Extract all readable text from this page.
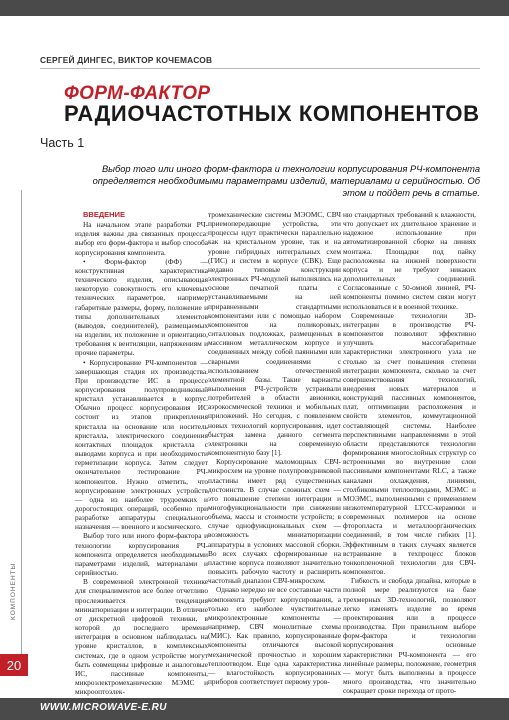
СЕРГЕЙ ДИНГЕС, ВИКТОР КОЧЕМАСОВ
ФОРМ-ФАКТОР
РАДИОЧАСТОТНЫХ КОМПОНЕНТОВ
Часть 1
Выбор того или иного форм-фактора и технологии корпусирования РЧ-компонента определяется необходимыми параметрами изделий, материалами и серийностью. Об этом и пойдет речь в статье.
КОМПОНЕНТЫ
20
ВВЕДЕНИЕ

На начальном этапе разработки РЧ-изделия важны два связанных процесса: выбор его форм-фактора и выбор способа корпусирования компонента.

• Форм-фактор (ФФ) — конструктивная характеристика технического изделия, описывающая некоторую совокупность его ключевых технических параметров, например габаритные размеры, форму, положение и типы дополнительных элементов (выводов, соединителей), размещаемых на изделии, их положение и ориентацию, требования к вентиляции, напряжениям и прочие параметры.

• Корпусирование РЧ-компонентов — завершающая стадия их производства. При производстве ИС в процессе корпусирования полупроводниковый кристалл устанавливается в корпус. Обычно процесс корпусирования ИС состоит из этапов прикрепления кристалла на основание или носитель кристалла, электрического соединения контактных площадок кристалла с выводами корпуса и при необходимости герметизации корпуса. Затем следует окончательное тестирование РЧ-компонентов. Нужно отметить, что корпусирование электронных устройств — одна из наиболее трудоемких и дорогостоящих операций, особенно при разработке аппаратуры специального назначения — военного и космического.

Выбор того или иного форм-фактора и технологии корпусирования РЧ-компонента определяется необходимыми параметрами изделий, материалами и серийностью.

В современной электронной технике для специалиментов все более отчетливо прослеживается тенденция миниатюризации и интеграции. В отличие от дискретной цифровой техники, в которой до последнего времени интеграция в основном наблюдалась на уровне кристаллов, в комплексных системах, где в одном устройстве могут быть совмещены цифровые и аналоговые ИС, пассивные компоненты, микроэлектромеханические МЭМС и микрооптоэлек-

тромеханические системы МЭОМС, СВЧ приемопередающие устройства, эти процессы идут практически параллельно как на кристальном уровне, так и на уровне гибридных интегральных схем (ГИС) и систем в корпусе (СВК). Еще недавно типовые конструкции электронных РЧ-модулей выполнялись на основе печатной платы с устанавливаемыми на ней приравненными стандартными компонентами или с помощью набором компонентов на поликоровых, ситалловых подложках, размещенных в массивном металлическом корпусе и соединенных между собой паянными или сварными соединениями с использованием отечественной элементной базы. Такие варианты выполнения РЧ-устройств устраивали потребителей в области авионики, аэрокосмической техники и мобильных приложений. Но сегодня, с появлением новых технологий корпусирования, идет быстрая замена данного сегмента электроники на современную компонентную базу [1].

Корпусирование маломощных СВЧ-микросхем на уровне полупроводниковой пластины имеет ряд существенных достоинств. В случае сложных схем — это повышение степени интеграции и многофункциональности при снижении объема, массы и стоимости устройств; в случае однофункциональных схем — возможность миниатюризации аппаратуры в условиях массовой сборки. Во всех случаях сформированные на пластине корпуса позволяют значительно повысить рабочую частоту и расширить частотный диапазон СВЧ-микросхем.

Однако нередко не все составные части компонента требуют корпусирования, а только его наиболее чувствительные микроэлектронные компоненты — например, СВЧ монолитные схемы (МИС). Как правило, корпусированные компоненты отличаются высокой механической прочностью и хорошим теплоотводом. Еще одна характеристика — влагостойкость корпусированных приборов соответствует первому уров-

ню стандартных требований к влажности, что допускает их длительное хранение и надежное использование при автоматизированной сборке на линиях монтажа. Площадки под пайку расположены на нижней поверхности корпуса и не требуют никаких дополнительных соединений. Согласованные с 50-омной линией, РЧ-компоненты помимо систем связи могут использоваться и в военной технике.

Современные технологии 3D-интеграции в производстве РЧ-компонентов позволяют эффективно улучшить массогабаритные характеристики электронного узла не столько за счет повышения степени интеграции компонента, сколько за счет совершенствования технологий, внедрения новых материалов и конструкций пассивных компонентов, плат, оптимизации расположения и свойств элементов, коммутационной составляющей системы. Наиболее перспективными направлениями в этой области представляются технологии формирования многослойных структур со встроенными во внутренние слои пассивными компонентами RLC, а также каналами охлаждения, линиями, столбиковыми теплоотводами, МЭМС и МОЭМС, выполненными с применением низкотемпературной LTCC-керамики и современных полимеров на основе фторопласта и металлоорганических соединений, в том числе гибких [1]. Эффективным в таких случаях является встраивание в техпроцесс блоков тонкопленочной технологии для СВЧ-компонентов.

Гибкость и свобода дизайна, которые в полной мере реализуются на базе трехмерных 3D-технологий, позволяют легко изменять изделие во время проектирования или в процессе производства. При правильном выборе форм-фактора и технологии корпусирования основные характеристики РЧ-компонента — его линейные размеры, положение, геометрия — могут быть выполнены в процессе много производства, что значительно сокращает сроки перехода от прото-

WWW.MICROWAVE-E.RU
